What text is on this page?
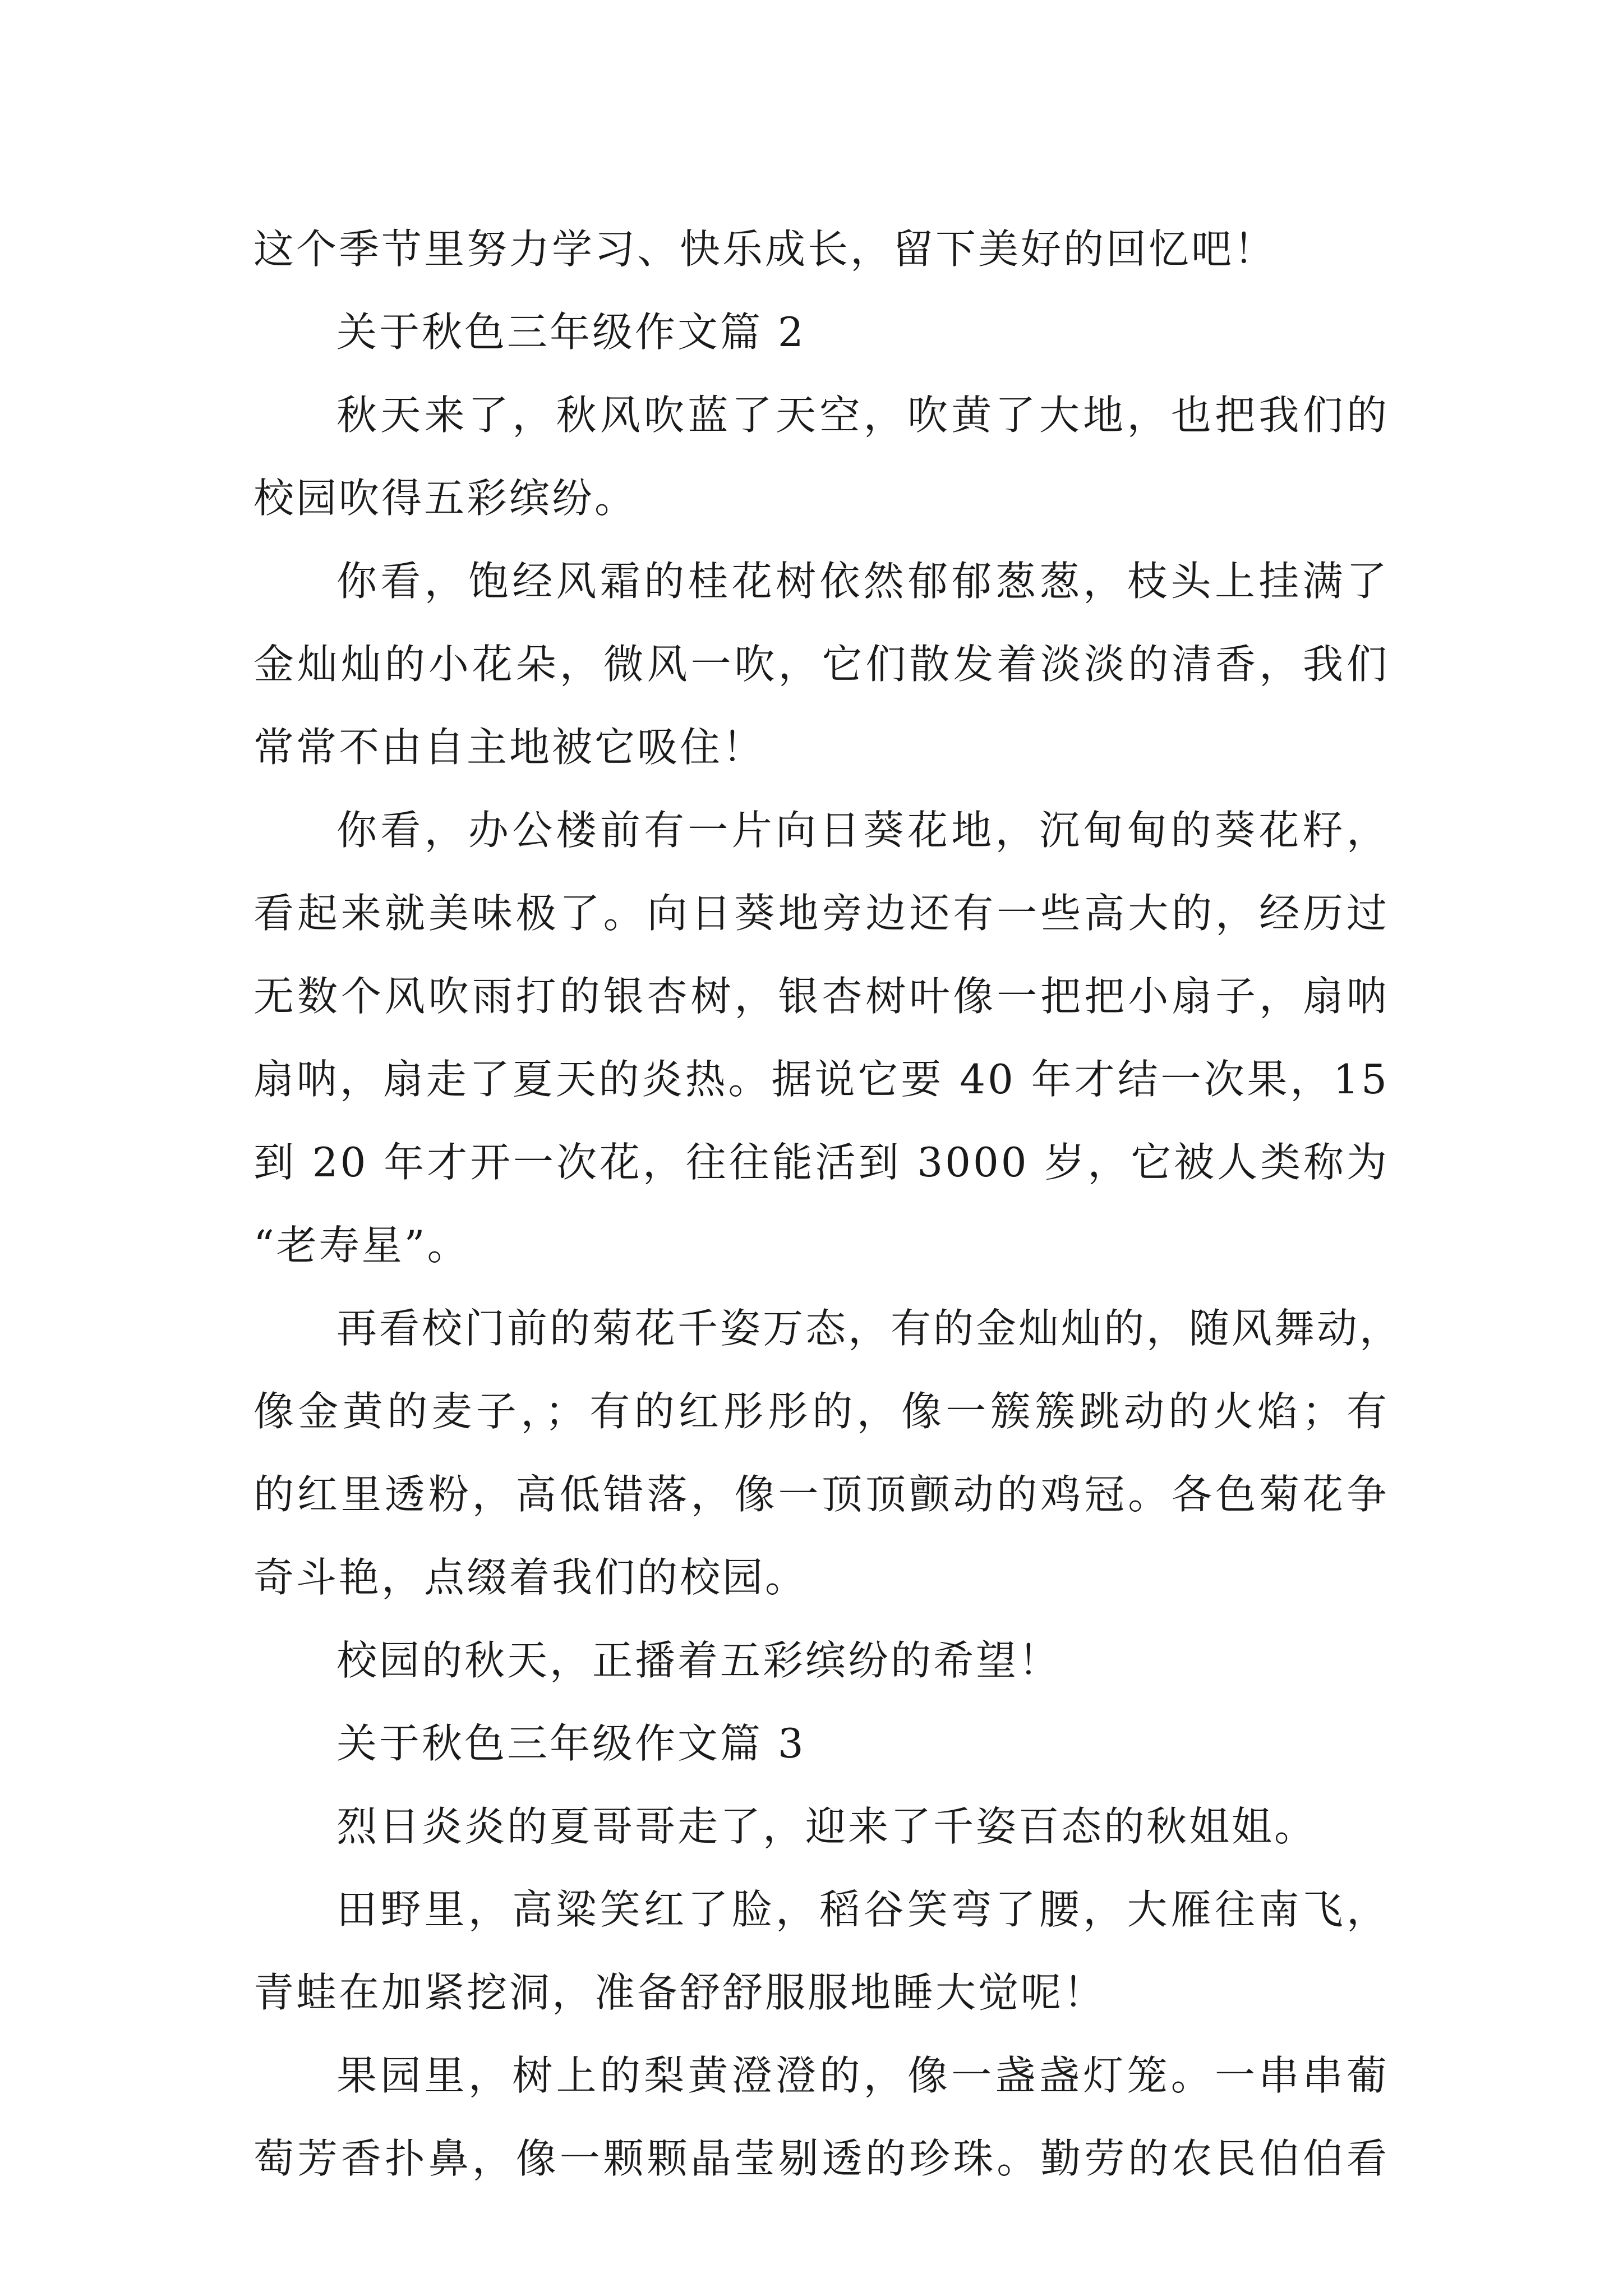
这个季节里努力学习、快乐成长，留下美好的回忆吧！
关于秋色三年级作文篇 2
秋天来了，秋风吹蓝了天空，吹黄了大地，也把我们的
校园吹得五彩缤纷。
你看，饱经风霜的桂花树依然郁郁葱葱，枝头上挂满了
金灿灿的小花朵，微风一吹，它们散发着淡淡的清香，我们
常常不由自主地被它吸住！
你看，办公楼前有一片向日葵花地，沉甸甸的葵花籽，
看起来就美味极了。向日葵地旁边还有一些高大的，经历过
无数个风吹雨打的银杏树，银杏树叶像一把把小扇子，扇呐
扇呐，扇走了夏天的炎热。据说它要 40 年才结一次果，15
到 20 年才开一次花，往往能活到 3000 岁，它被人类称为
“老寿星”。
再看校门前的菊花千姿万态，有的金灿灿的，随风舞动，
像金黄的麦子，；有的红彤彤的，像一簇簇跳动的火焰；有
的红里透粉，高低错落，像一顶顶颤动的鸡冠。各色菊花争
奇斗艳，点缀着我们的校园。
校园的秋天，正播着五彩缤纷的希望！
关于秋色三年级作文篇 3
烈日炎炎的夏哥哥走了，迎来了千姿百态的秋姐姐。
田野里，高粱笑红了脸，稻谷笑弯了腰，大雁往南飞，
青蛙在加紧挖洞，准备舒舒服服地睡大觉呢！
果园里，树上的梨黄澄澄的，像一盏盏灯笼。一串串葡
萄芳香扑鼻，像一颗颗晶莹剔透的珍珠。勤劳的农民伯伯看
